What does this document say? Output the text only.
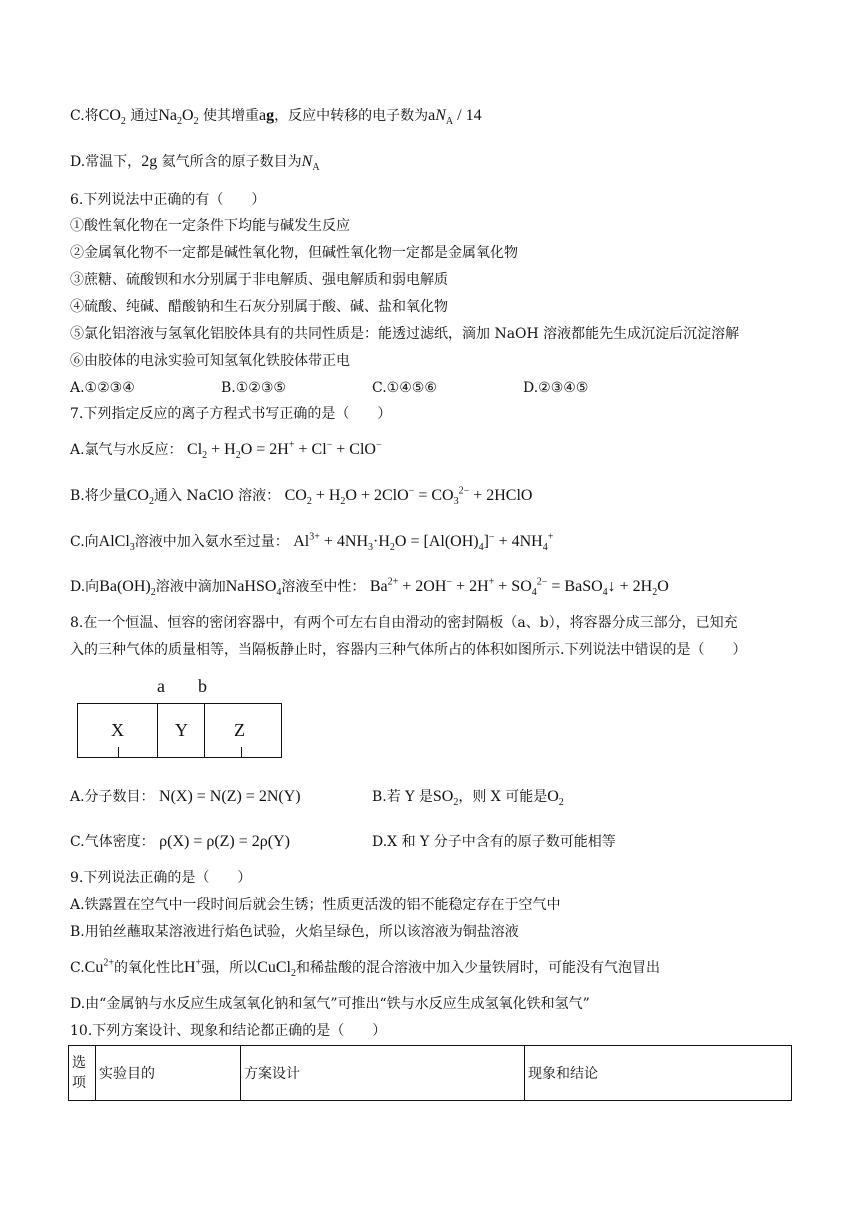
C.将$CO_2$ 通过$Na_2O_2$ 使其增重ag，反应中转移的电子数为$aN_A / 14$
D.常温下，2g 氦气所含的原子数目为$N_A$
6.下列说法中正确的有（　　）
①酸性氧化物在一定条件下均能与碱发生反应
②金属氧化物不一定都是碱性氧化物，但碱性氧化物一定都是金属氧化物
③蔗糖、硫酸钡和水分别属于非电解质、强电解质和弱电解质
④硫酸、纯碱、醋酸钠和生石灰分别属于酸、碱、盐和氧化物
⑤氯化铝溶液与氢氧化铝胶体具有的共同性质是：能透过滤纸，滴加 NaOH 溶液都能先生成沉淀后沉淀溶解
⑥由胶体的电泳实验可知氢氧化铁胶体带正电
A.①②③④	B.①②③⑤	C.①④⑤⑥	D.②③④⑤
7.下列指定反应的离子方程式书写正确的是（　　）
A.氯气与水反应： $Cl_2 + H_2O = 2H^+ + Cl^- + ClO^-$
B.将少量$CO_2$通入 NaClO 溶液： $CO_2 + H_2O + 2ClO^- = CO_3^{2-}$ + 2HClO
C.向AlCl$_3$溶液中加入氨水至过量： $Al^{3+} + 4NH_3\cdot H_2O = [Al(OH)_4]^- + 4NH_4^+$
D.向$Ba(OH)_2$溶液中滴加NaHSO$_4$溶液至中性： $Ba^{2+} + 2OH^- + 2H^+ + SO_4^{2-}$ = BaSO$_4$↓ + $2H_2O$
8.在一个恒温、恒容的密闭容器中，有两个可左右自由滑动的密封隔板（a、b），将容器分成三部分，已知充
入的三种气体的质量相等，当隔板静止时，容器内三种气体所占的体积如图所示.下列说法中错误的是（　　）
a b
X	Y	Z
A.分子数目： N(X) = N(Z) = 2N(Y)	B.若 Y 是$SO_2$，则 X 可能是$O_2$
C.气体密度： ρ(X) = ρ(Z) = 2ρ(Y)	D.X 和 Y 分子中含有的原子数可能相等
9.下列说法正确的是（　　）
A.铁露置在空气中一段时间后就会生锈；性质更活泼的铝不能稳定存在于空气中
B.用铂丝蘸取某溶液进行焰色试验，火焰呈绿色，所以该溶液为铜盐溶液
$C.Cu^{2+}$的氧化性比H+强，所以CuCl$_2$和稀盐酸的混合溶液中加入少量铁屑时，可能没有气泡冒出
D.由“金属钠与水反应生成氢氧化钠和氢气”可推出“铁与水反应生成氢氧化铁和氢气”
10.下列方案设计、现象和结论都正确的是（　　）
选项	实验目的	方案设计	现象和结论
